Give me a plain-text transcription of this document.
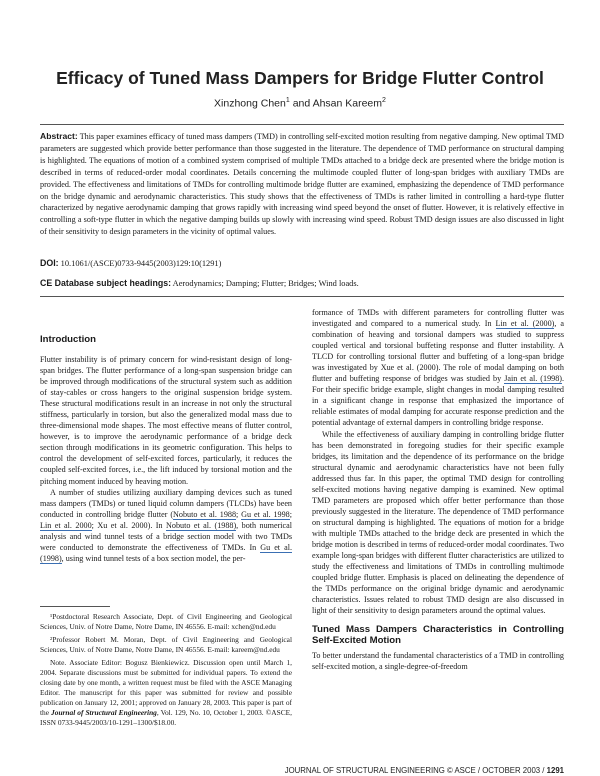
Efficacy of Tuned Mass Dampers for Bridge Flutter Control
Xinzhong Chen$^1$ and Ahsan Kareem$^2$

Abstract: This paper examines efficacy of tuned mass dampers (TMD) in controlling self-excited motion resulting from negative damping. New optimal TMD parameters are suggested which provide better performance than those suggested in the literature. The dependence of TMD performance on structural damping is highlighted. The equations of motion of a combined system comprised of multiple TMDs attached to a bridge deck are presented where the bridge motion is described in terms of reduced-order modal coordinates. Details concerning the multimode coupled flutter of long-span bridges with auxiliary TMDs are provided. The effectiveness and limitations of TMDs for controlling multimode bridge flutter are examined, emphasizing the dependence of TMD performance on the bridge dynamic and aerodynamic characteristics. This study shows that the effectiveness of TMDs is rather limited in controlling a hard-type flutter characterized by negative aerodynamic damping that grows rapidly with increasing wind speed beyond the onset of flutter. However, it is relatively effective in controlling a soft-type flutter in which the negative damping builds up slowly with increasing wind speed. Robust TMD design issues are also discussed in light of their sensitivity to design parameters in the vicinity of optimal values.

DOI: 10.1061/(ASCE)0733-9445(2003)129:10(1291)
CE Database subject headings: Aerodynamics; Damping; Flutter; Bridges; Wind loads.
Introduction

Flutter instability is of primary concern for wind-resistant design of long-span bridges. The flutter performance of a long-span suspension bridge can be improved through modifications of the structural system such as addition of stay-cables or cross hangers to the original suspension bridge system. These structural modifications result in an increase in not only the structural stiffness, particularly in torsion, but also the generalized modal mass due to three-dimensional mode shapes. The most effective means of flutter control, however, is to improve the aerodynamic performance of a bridge deck section through modifications in its geometric configuration. This helps to control the development of self-excited forces, particularly, it reduces the coupled self-excited forces, i.e., the lift induced by torsional motion and the pitching moment induced by heaving motion.

A number of studies utilizing auxiliary damping devices such as tuned mass dampers (TMDs) or tuned liquid column dampers (TLCDs) have been conducted in controlling bridge flutter (Nobuto et al. 1988; Gu et al. 1998; Lin et al. 2000; Xu et al. 2000). In Nobuto et al. (1988), both numerical analysis and wind tunnel tests of a bridge section model with two TMDs were conducted to demonstrate the effectiveness of TMDs. In Gu et al. (1998), using wind tunnel tests of a box section model, the per-

¹Postdoctoral Research Associate, Dept. of Civil Engineering and Geological Sciences, Univ. of Notre Dame, Notre Dame, IN 46556. E-mail: xchen@nd.edu

²Professor Robert M. Moran, Dept. of Civil Engineering and Geological Sciences, Univ. of Notre Dame, Notre Dame, IN 46556. E-mail: kareem@nd.edu

Note. Associate Editor: Bogusz Bienkiewicz. Discussion open until March 1, 2004. Separate discussions must be submitted for individual papers. To extend the closing date by one month, a written request must be filed with the ASCE Managing Editor. The manuscript for this paper was submitted for review and possible publication on January 12, 2001; approved on January 28, 2003. This paper is part of the Journal of Structural Engineering, Vol. 129, No. 10, October 1, 2003. ©ASCE, ISSN 0733-9445/2003/10-1291–1300/$18.00.

formance of TMDs with different parameters for controlling flutter was investigated and compared to a numerical study. In Lin et al. (2000), a combination of heaving and torsional dampers was studied to suppress coupled vertical and torsional buffeting response and flutter instability. A TLCD for controlling torsional flutter and buffeting of a long-span bridge was investigated by Xue et al. (2000). The role of modal damping on both flutter and buffeting response of bridges was studied by Jain et al. (1998). For their specific bridge example, slight changes in modal damping resulted in a significant change in response that emphasized the importance of reliable estimates of modal damping for accurate response prediction and the potential advantage of external dampers in controlling bridge response.

While the effectiveness of auxiliary damping in controlling bridge flutter has been demonstrated in foregoing studies for their specific example bridges, its limitation and the dependence of its performance on the bridge structural dynamic and aerodynamic characteristics have not been fully addressed thus far. In this paper, the optimal TMD design for controlling self-excited motions having negative damping is examined. New optimal TMD parameters are proposed which offer better performance than those previously suggested in the literature. The dependence of TMD performance on structural damping is highlighted. The equations of motion for a bridge with multiple TMDs attached to the bridge deck are presented in which the bridge motion is described in terms of reduced-order modal coordinates. Two example long-span bridges with different flutter characteristics are utilized to study the effectiveness and limitations of TMDs in controlling multimode coupled bridge flutter. Emphasis is placed on delineating the dependence of the TMDs performance on the original bridge dynamic and aerodynamic characteristics. Issues related to robust TMD design are also discussed in light of their sensitivity to design parameters around the optimal values.

Tuned Mass Dampers Characteristics in Controlling Self-Excited Motion

To better understand the fundamental characteristics of a TMD in controlling self-excited motion, a single-degree-of-freedom

JOURNAL OF STRUCTURAL ENGINEERING © ASCE / OCTOBER 2003 / 1291
